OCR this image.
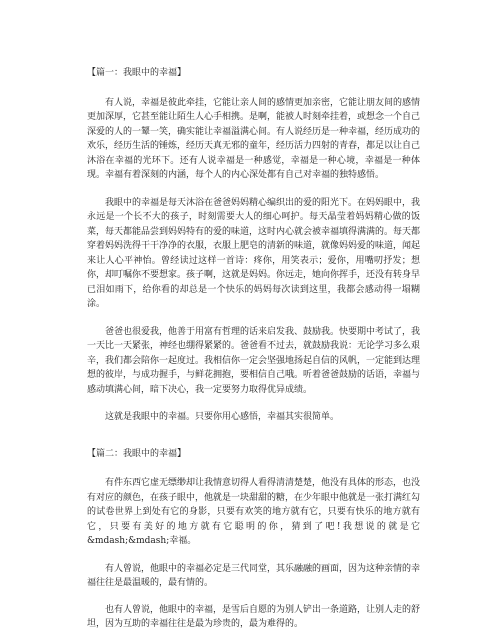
【篇一：我眼中的幸福】

有人说，幸福是彼此牵挂，它能让亲人间的感情更加亲密，它能让朋友间的感情更加深厚，它甚至能让陌生人心手相携。是啊，能被人时刻牵挂着，或想念一个自己深爱的人的一颦一笑，确实能让幸福溢满心间。有人说经历是一种幸福，经历成功的欢乐，经历生活的锤炼，经历天真无邪的童年，经历活力四射的青春，都足以让自己沐浴在幸福的光环下。还有人说幸福是一种感觉，幸福是一种心境，幸福是一种体现。幸福有着深刻的内涵，每个人的内心深处都有自己对幸福的独特感悟。

我眼中的幸福是每天沐浴在爸爸妈妈精心编织出的爱的阳光下。在妈妈眼中，我永远是一个长不大的孩子，时刻需要大人的细心呵护。每天晶莹着妈妈精心做的饭菜，每天都能品尝到妈妈特有的爱的味道，这时内心就会被幸福填得满满的。每天都穿着妈妈洗得干干净净的衣服，衣服上肥皂的清新的味道，就像妈妈爱的味道，闻起来让人心平神怡。曾经读过这样一首诗：疼你，用笑表示；爱你，用嘴叨抒发；想你，却叮嘱你不要想家。孩子啊，这就是妈妈。你远走，她向你挥手，还没有转身早已泪如雨下，给你看的却总是一个快乐的妈妈每次读到这里，我都会感动得一塌糊涂。

爸爸也很爱我，他善于用富有哲理的话来启发我、鼓励我。快要期中考试了，我一天比一天紧张，神经也绷得紧紧的。爸爸看不过去，就鼓励我说：无论学习多么艰辛，我们都会陪你一起度过。我相信你一定会坚强地扬起自信的风帆，一定能到达理想的彼岸，与成功握手，与鲜花拥抱，要相信自己哦。听着爸爸鼓励的话语，幸福与感动填满心间，暗下决心，我一定要努力取得优异成绩。

这就是我眼中的幸福。只要你用心感悟，幸福其实很简单。

【篇二：我眼中的幸福】

有件东西它虚无缥缈却让我情意切得人看得清清楚楚，他没有具体的形态，也没有对应的颜色，在孩子眼中，他就是一块甜甜的糖，在少年眼中他就是一张打满红勾的试卷世界上到处有它的身影，只要有欢笑的地方就有它，只要有快乐的地方就有它，只要有美好的地方就有它聪明的你，猜到了吧!我想说的就是它&mdash;&mdash;幸福。

有人曾说，他眼中的幸福必定是三代同堂，其乐融融的画面，因为这种亲情的幸福往往是最温暖的，最有情的。

也有人曾说，他眼中的幸福，是雪后自愿的为别人铲出一条道路，让别人走的舒坦，因为互助的幸福往往是最为珍贵的，最为难得的。
